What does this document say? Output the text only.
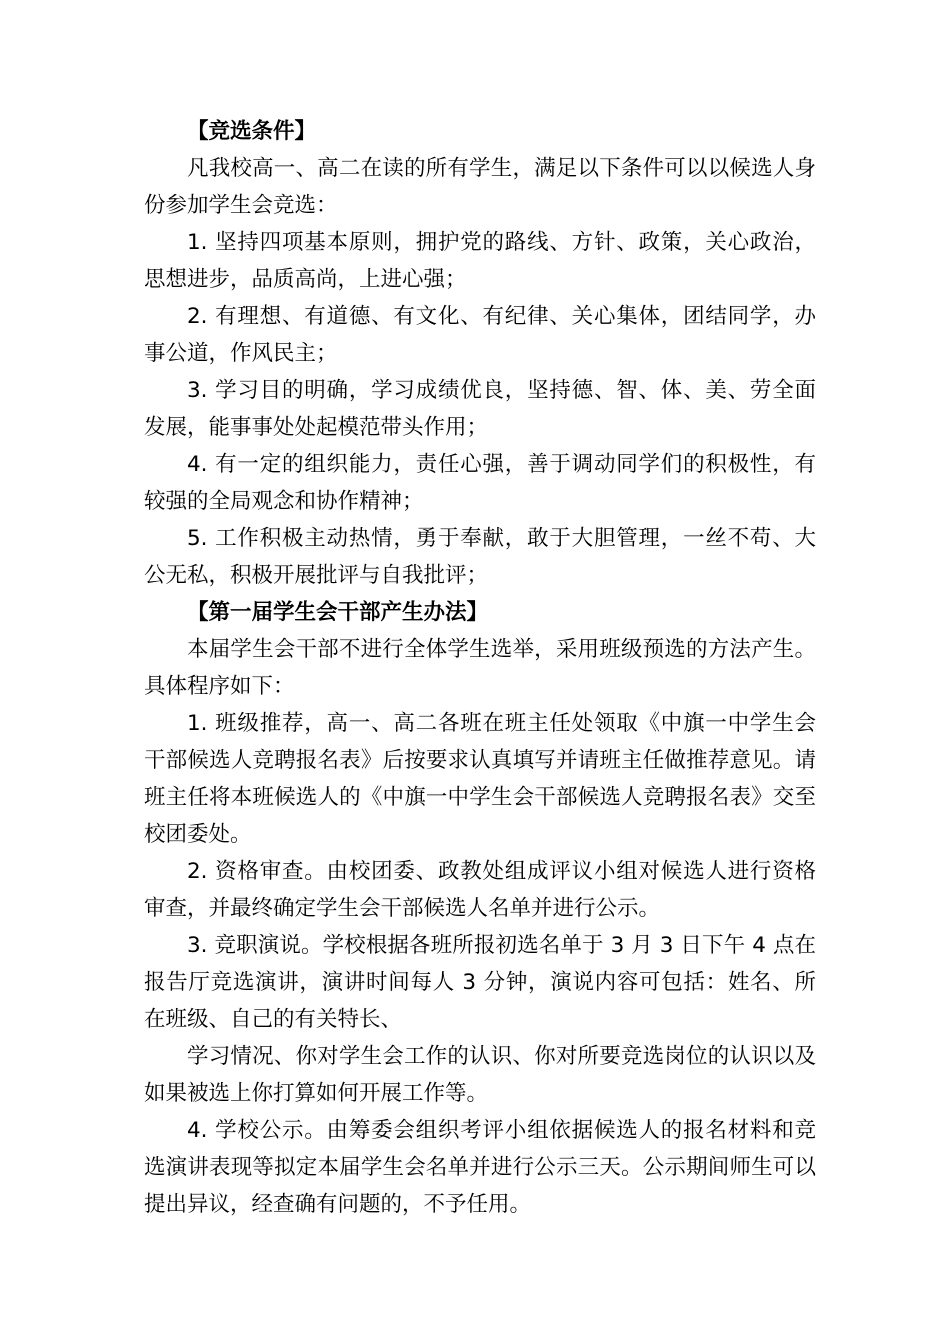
【竞选条件】

凡我校高一、高二在读的所有学生，满足以下条件可以以候选人身份参加学生会竞选：

1. 坚持四项基本原则，拥护党的路线、方针、政策，关心政治，思想进步，品质高尚，上进心强；

2. 有理想、有道德、有文化、有纪律、关心集体，团结同学，办事公道，作风民主；

3. 学习目的明确，学习成绩优良，坚持德、智、体、美、劳全面发展，能事事处处起模范带头作用；

4. 有一定的组织能力，责任心强，善于调动同学们的积极性，有较强的全局观念和协作精神；

5. 工作积极主动热情，勇于奉献，敢于大胆管理，一丝不苟、大公无私，积极开展批评与自我批评；

【第一届学生会干部产生办法】

本届学生会干部不进行全体学生选举，采用班级预选的方法产生。具体程序如下：

1. 班级推荐，高一、高二各班在班主任处领取《中旗一中学生会干部候选人竞聘报名表》后按要求认真填写并请班主任做推荐意见。请班主任将本班候选人的《中旗一中学生会干部候选人竞聘报名表》交至校团委处。

2. 资格审查。由校团委、政教处组成评议小组对候选人进行资格审查，并最终确定学生会干部候选人名单并进行公示。

3. 竞职演说。学校根据各班所报初选名单于 3 月 3 日下午 4 点在报告厅竞选演讲，演讲时间每人 3 分钟，演说内容可包括：姓名、所在班级、自己的有关特长、

学习情况、你对学生会工作的认识、你对所要竞选岗位的认识以及如果被选上你打算如何开展工作等。

4. 学校公示。由筹委会组织考评小组依据候选人的报名材料和竞选演讲表现等拟定本届学生会名单并进行公示三天。公示期间师生可以提出异议，经查确有问题的，不予任用。
